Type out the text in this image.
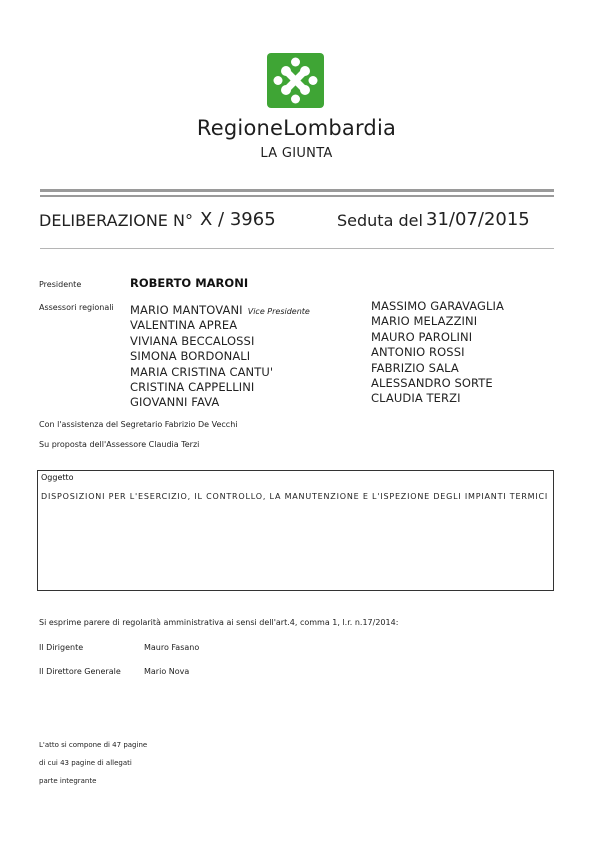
RegioneLombardia
LA GIUNTA
DELIBERAZIONE N° X / 3965	Seduta del 31/07/2015
Presidente	ROBERTO MARONI
Assessori regionali MARIO MANTOVANI Vice Presidente
VALENTINA APREA
VIVIANA BECCALOSSI
SIMONA BORDONALI
MARIA CRISTINA CANTU'
CRISTINA CAPPELLINI
GIOVANNI FAVA
MASSIMO GARAVAGLIA
MARIO MELAZZINI
MAURO PAROLINI
ANTONIO ROSSI
FABRIZIO SALA
ALESSANDRO SORTE
CLAUDIA TERZI
Con l'assistenza del Segretario Fabrizio De Vecchi
Su proposta dell'Assessore Claudia Terzi
Oggetto
DISPOSIZIONI PER L'ESERCIZIO, IL CONTROLLO, LA MANUTENZIONE E L'ISPEZIONE DEGLI IMPIANTI TERMICI
Si esprime parere di regolarità amministrativa ai sensi dell'art.4, comma 1, l.r. n.17/2014:
Il Dirigente	Mauro Fasano
Il Direttore Generale	Mario Nova
L'atto si compone di 47 pagine
di cui 43 pagine di allegati
parte integrante
